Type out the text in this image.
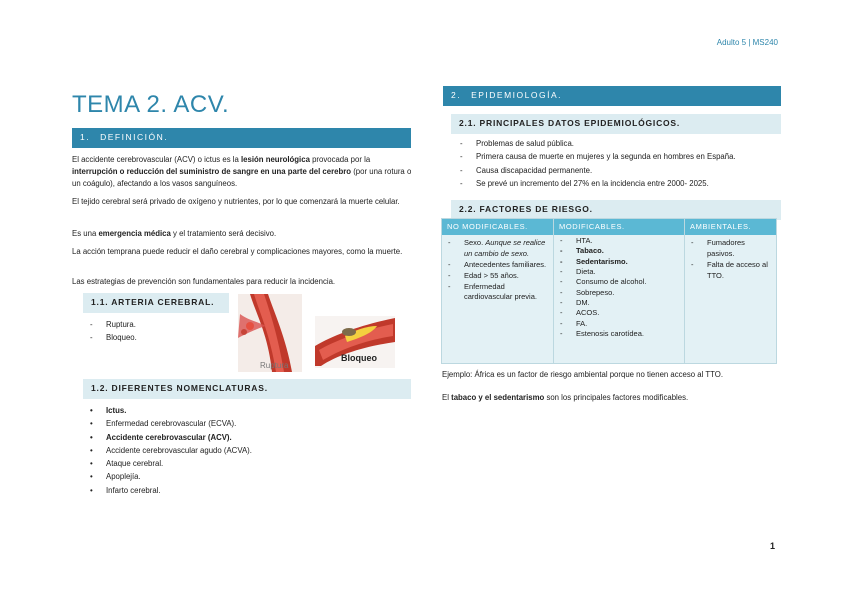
Adulto 5 | MS240
TEMA 2. ACV.
1. DEFINICIÓN.

El accidente cerebrovascular (ACV) o ictus es la lesión neurológica provocada por la interrupción o reducción del suministro de sangre en una parte del cerebro (por una rotura o un coágulo), afectando a los vasos sanguíneos.

El tejido cerebral será privado de oxígeno y nutrientes, por lo que comenzará la muerte celular.

Es una emergencia médica y el tratamiento será decisivo.

La acción temprana puede reducir el daño cerebral y complicaciones mayores, como la muerte.

Las estrategias de prevención son fundamentales para reducir la incidencia.

1.1. ARTERIA CEREBRAL.
- Ruptura.
- Bloqueo.
Ruptura
Bloqueo
1.2. DIFERENTES NOMENCLATURAS.
• Ictus.
• Enfermedad cerebrovascular (ECVA).
• Accidente cerebrovascular (ACV).
• Accidente cerebrovascular agudo (ACVA).
• Ataque cerebral.
• Apoplejía.
• Infarto cerebral.
2. EPIDEMIOLOGÍA.
2.1. PRINCIPALES DATOS EPIDEMIOLÓGICOS.
- Problemas de salud pública.
- Primera causa de muerte en mujeres y la segunda en hombres en España.
- Causa discapacidad permanente.
- Se prevé un incremento del 27% en la incidencia entre 2000- 2025.
2.2. FACTORES DE RIESGO.
NO MODIFICABLES.
- Sexo. Aunque se realice un cambio de sexo.
- Antecedentes familiares.
- Edad > 55 años.
- Enfermedad cardiovascular previa.
MODIFICABLES.
- HTA.
- Tabaco.
- Sedentarismo.
- Dieta.
- Consumo de alcohol.
- Sobrepeso.
- DM.
- ACOS.
- FA.
- Estenosis carotídea.
AMBIENTALES.
- Fumadores pasivos.
- Falta de acceso al TTO.

Ejemplo: África es un factor de riesgo ambiental porque no tienen acceso al TTO.

El tabaco y el sedentarismo son los principales factores modificables.

1
